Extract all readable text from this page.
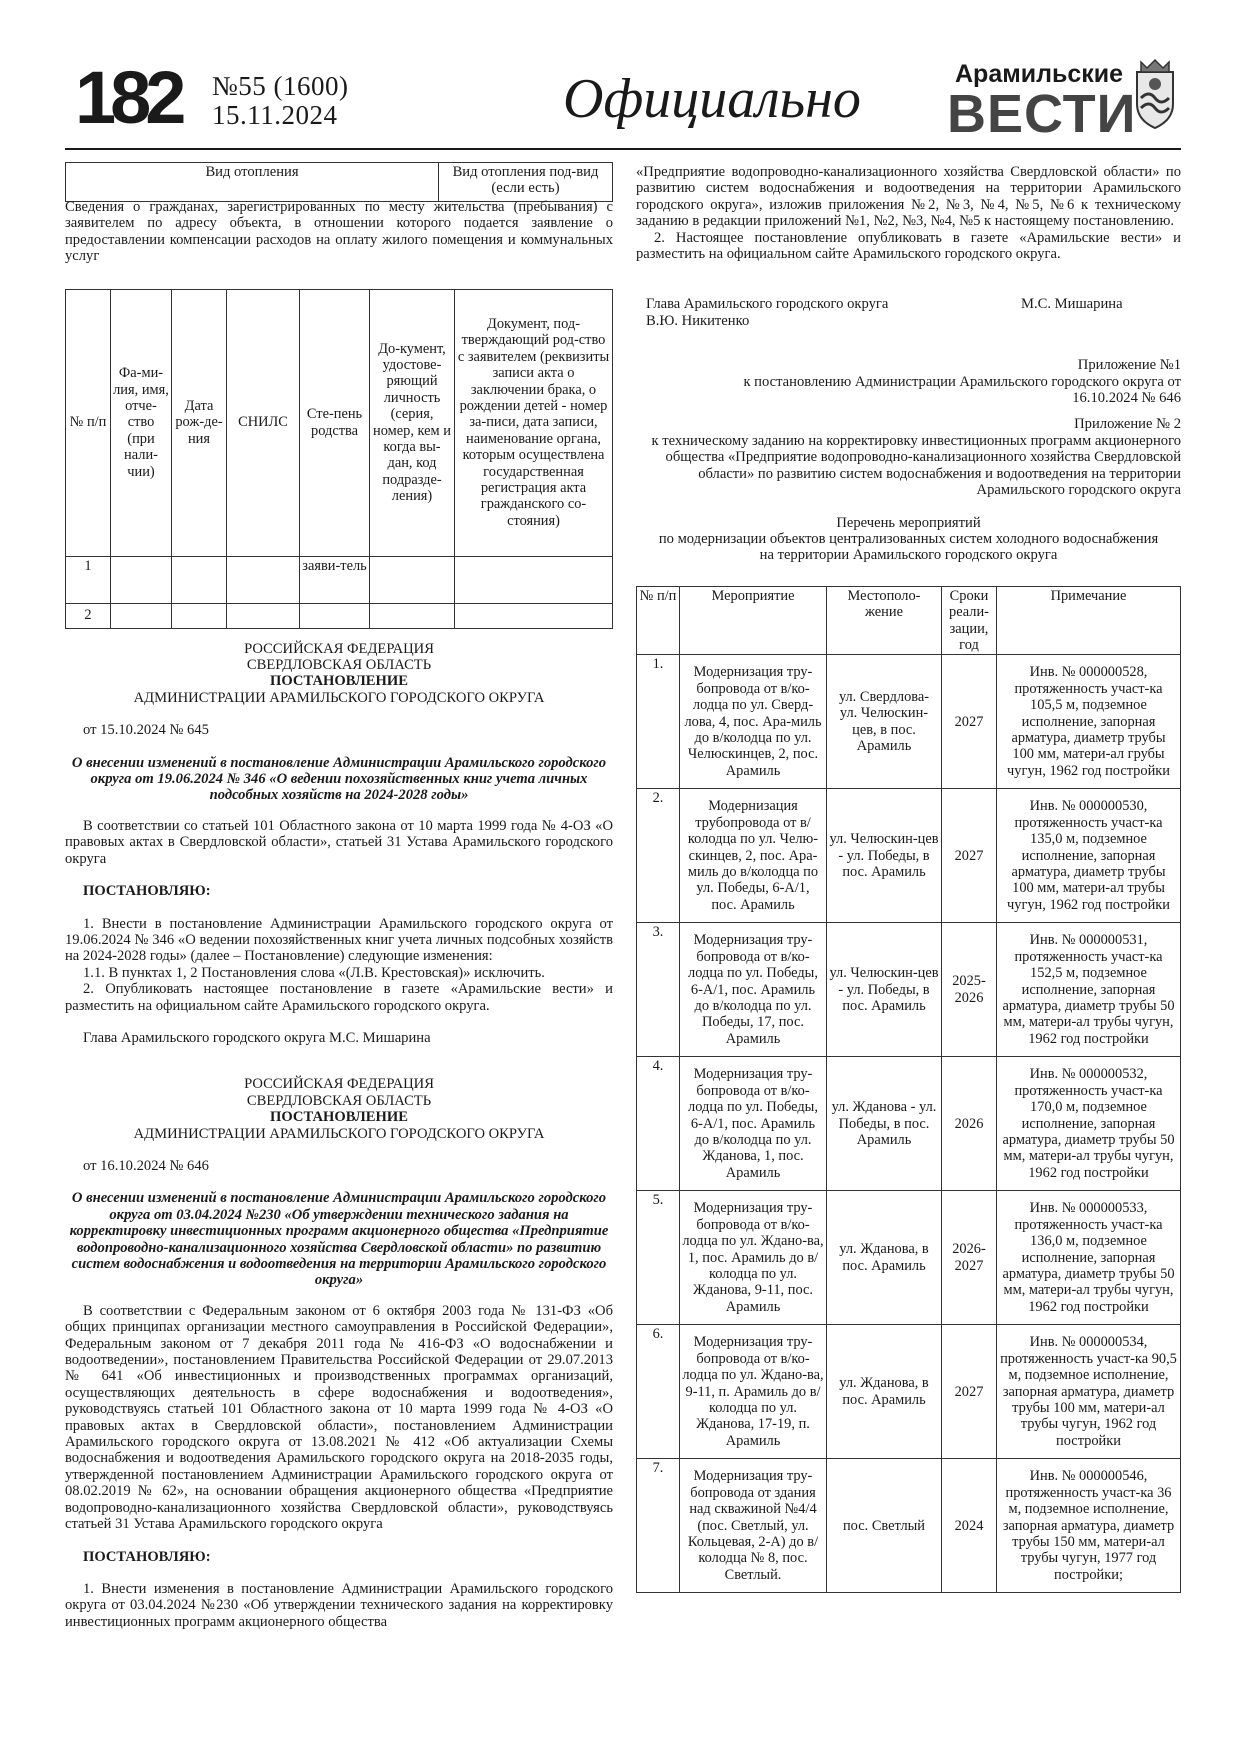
182 №55 (1600)
15.11.2024	Официально	Арамильские
ВЕСТИ
Вид отопления	Вид отопления под-вид (если есть)

Сведения о гражданах, зарегистрированных по месту жительства (пребывания) с заявителем по адресу объекта, в отношении которого подается заявление о предоставлении компенсации расходов на оплату жилого помещения и коммунальных услуг

№ п/п	Фа-ми-лия, имя, отче-ство (при нали-чии)	Дата рож-де-ния	СНИЛС	Сте-пень родства	До-кумент, удостове-ряющий личность (серия, номер, кем и когда вы-дан, код подразде-ления)	Документ, под-тверждающий род-ство с заявителем (реквизиты записи акта о заключении брака, о рождении детей - номер за-писи, дата записи, наименование органа, которым осуществлена государственная регистрация акта гражданского со-стояния)
1				заяви-тель		
2						

РОССИЙСКАЯ ФЕДЕРАЦИЯ

СВЕРДЛОВСКАЯ ОБЛАСТЬ

ПОСТАНОВЛЕНИЕ

АДМИНИСТРАЦИИ АРАМИЛЬСКОГО ГОРОДСКОГО ОКРУГА

от 15.10.2024 № 645

О внесении изменений в постановление Администрации Арамильского городского округа от 19.06.2024 № 346 «О ведении похозяйственных книг учета личных подсобных хозяйств на 2024-2028 годы»

В соответствии со статьей 101 Областного закона от 10 марта 1999 года № 4-ОЗ «О правовых актах в Свердловской области», статьей 31 Устава Арамильского городского округа

ПОСТАНОВЛЯЮ:

1. Внести в постановление Администрации Арамильского городского округа от 19.06.2024 № 346 «О ведении похозяйственных книг учета личных подсобных хозяйств на 2024-2028 годы» (далее – Постановление) следующие изменения:

1.1. В пунктах 1, 2 Постановления слова «(Л.В. Крестовская)» исключить.

2. Опубликовать настоящее постановление в газете «Арамильские вести» и разместить на официальном сайте Арамильского городского округа.

Глава Арамильского городского округа М.С. Мишарина

РОССИЙСКАЯ ФЕДЕРАЦИЯ

СВЕРДЛОВСКАЯ ОБЛАСТЬ

ПОСТАНОВЛЕНИЕ

АДМИНИСТРАЦИИ АРАМИЛЬСКОГО ГОРОДСКОГО ОКРУГА

от 16.10.2024 № 646

О внесении изменений в постановление Администрации Арамильского городского округа от 03.04.2024 №230 «Об утверждении технического задания на корректировку инвестиционных программ акционерного общества «Предприятие водопроводно-канализационного хозяйства Свердловской области» по развитию систем водоснабжения и водоотведения на территории Арамильского городского округа»

В соответствии с Федеральным законом от 6 октября 2003 года № 131-ФЗ «Об общих принципах организации местного самоуправления в Российской Федерации», Федеральным законом от 7 декабря 2011 года № 416-ФЗ «О водоснабжении и водоотведении», постановлением Правительства Российской Федерации от 29.07.2013 № 641 «Об инвестиционных и производственных программах организаций, осуществляющих деятельность в сфере водоснабжения и водоотведения», руководствуясь статьей 101 Областного закона от 10 марта 1999 года № 4-ОЗ «О правовых актах в Свердловской области», постановлением Администрации Арамильского городского округа от 13.08.2021 № 412 «Об актуализации Схемы водоснабжения и водоотведения Арамильского городского округа на 2018-2035 годы, утвержденной постановлением Администрации Арамильского городского округа от 08.02.2019 № 62», на основании обращения акционерного общества «Предприятие водопроводно-канализационного хозяйства Свердловской области», руководствуясь статьей 31 Устава Арамильского городского округа

ПОСТАНОВЛЯЮ:

1. Внести изменения в постановление Администрации Арамильского городского округа от 03.04.2024 №230 «Об утверждении технического задания на корректировку инвестиционных программ акционерного общества

«Предприятие водопроводно-канализационного хозяйства Свердловской области» по развитию систем водоснабжения и водоотведения на территории Арамильского городского округа», изложив приложения №2, №3, №4, №5, №6 к техническому заданию в редакции приложений №1, №2, №3, №4, №5 к настоящему постановлению.

2. Настоящее постановление опубликовать в газете «Арамильские вести» и разместить на официальном сайте Арамильского городского округа.

Глава Арамильского городского округа В.Ю. Никитенко

М.С. Мишарина

Приложение №1

к постановлению Администрации Арамильского городского округа от 16.10.2024 № 646

Приложение № 2

к техническому заданию на корректировку инвестиционных программ акционерного общества «Предприятие водопроводно-канализационного хозяйства Свердловской области» по развитию систем водоснабжения и водоотведения на территории Арамильского городского округа

Перечень мероприятий

по модернизации объектов централизованных систем холодного водоснабжения на территории Арамильского городского округа

№ п/п	Мероприятие	Местополо-жение	Сроки реали-зации, год	Примечание
1.	Модернизация тру-бопровода от в/ко-лодца по ул. Сверд-лова, 4, пос. Ара-миль до в/колодца по ул. Челюскинцев, 2, пос. Арамиль	ул. Свердлова- ул. Челюскин-цев, в пос. Арамиль	2027	Инв. № 000000528, протяженность участ-ка 105,5 м, подземное исполнение, запорная арматура, диаметр трубы 100 мм, матери-ал грубы чугун, 1962 год постройки
2.	Модернизация трубопровода от в/колодца по ул. Челю-скинцев, 2, пос. Ара-миль до в/колодца по ул. Победы, 6-А/1, пос. Арамиль	ул. Челюскин-цев - ул. Победы, в пос. Арамиль	2027	Инв. № 000000530, протяженность участ-ка 135,0 м, подземное исполнение, запорная арматура, диаметр трубы 100 мм, матери-ал трубы чугун, 1962 год постройки
3.	Модернизация тру-бопровода от в/ко-лодца по ул. Победы, 6-А/1, пос. Арамиль до в/колодца по ул. Победы, 17, пос. Арамиль	ул. Челюскин-цев - ул. Победы, в пос. Арамиль	2025-2026	Инв. № 000000531, протяженность участ-ка 152,5 м, подземное исполнение, запорная арматура, диаметр трубы 50 мм, матери-ал трубы чугун, 1962 год постройки
4.	Модернизация тру-бопровода от в/ко-лодца по ул. Победы, 6-А/1, пос. Арамиль до в/колодца по ул. Жданова, 1, пос. Арамиль	ул. Жданова - ул. Победы, в пос. Арамиль	2026	Инв. № 000000532, протяженность участ-ка 170,0 м, подземное исполнение, запорная арматура, диаметр трубы 50 мм, матери-ал трубы чугун, 1962 год постройки
5.	Модернизация тру-бопровода от в/ко-лодца по ул. Ждано-ва, 1, пос. Арамиль до в/колодца по ул. Жданова, 9-11, пос. Арамиль	ул. Жданова, в пос. Арамиль	2026-2027	Инв. № 000000533, протяженность участ-ка 136,0 м, подземное исполнение, запорная арматура, диаметр трубы 50 мм, матери-ал трубы чугун, 1962 год постройки
6.	Модернизация тру-бопровода от в/ко-лодца по ул. Ждано-ва, 9-11, п. Арамиль до в/колодца по ул. Жданова, 17-19, п. Арамиль	ул. Жданова, в пос. Арамиль	2027	Инв. № 000000534, протяженность участ-ка 90,5 м, подземное исполнение, запорная арматура, диаметр трубы 100 мм, матери-ал трубы чугун, 1962 год постройки
7.	Модернизация тру-бопровода от здания над скважиной №4/4 (пос. Светлый, ул. Кольцевая, 2-А) до в/колодца № 8, пос. Светлый.	пос. Светлый	2024	Инв. № 000000546, протяженность участ-ка 36 м, подземное исполнение, запорная арматура, диаметр трубы 150 мм, матери-ал трубы чугун, 1977 год постройки;
